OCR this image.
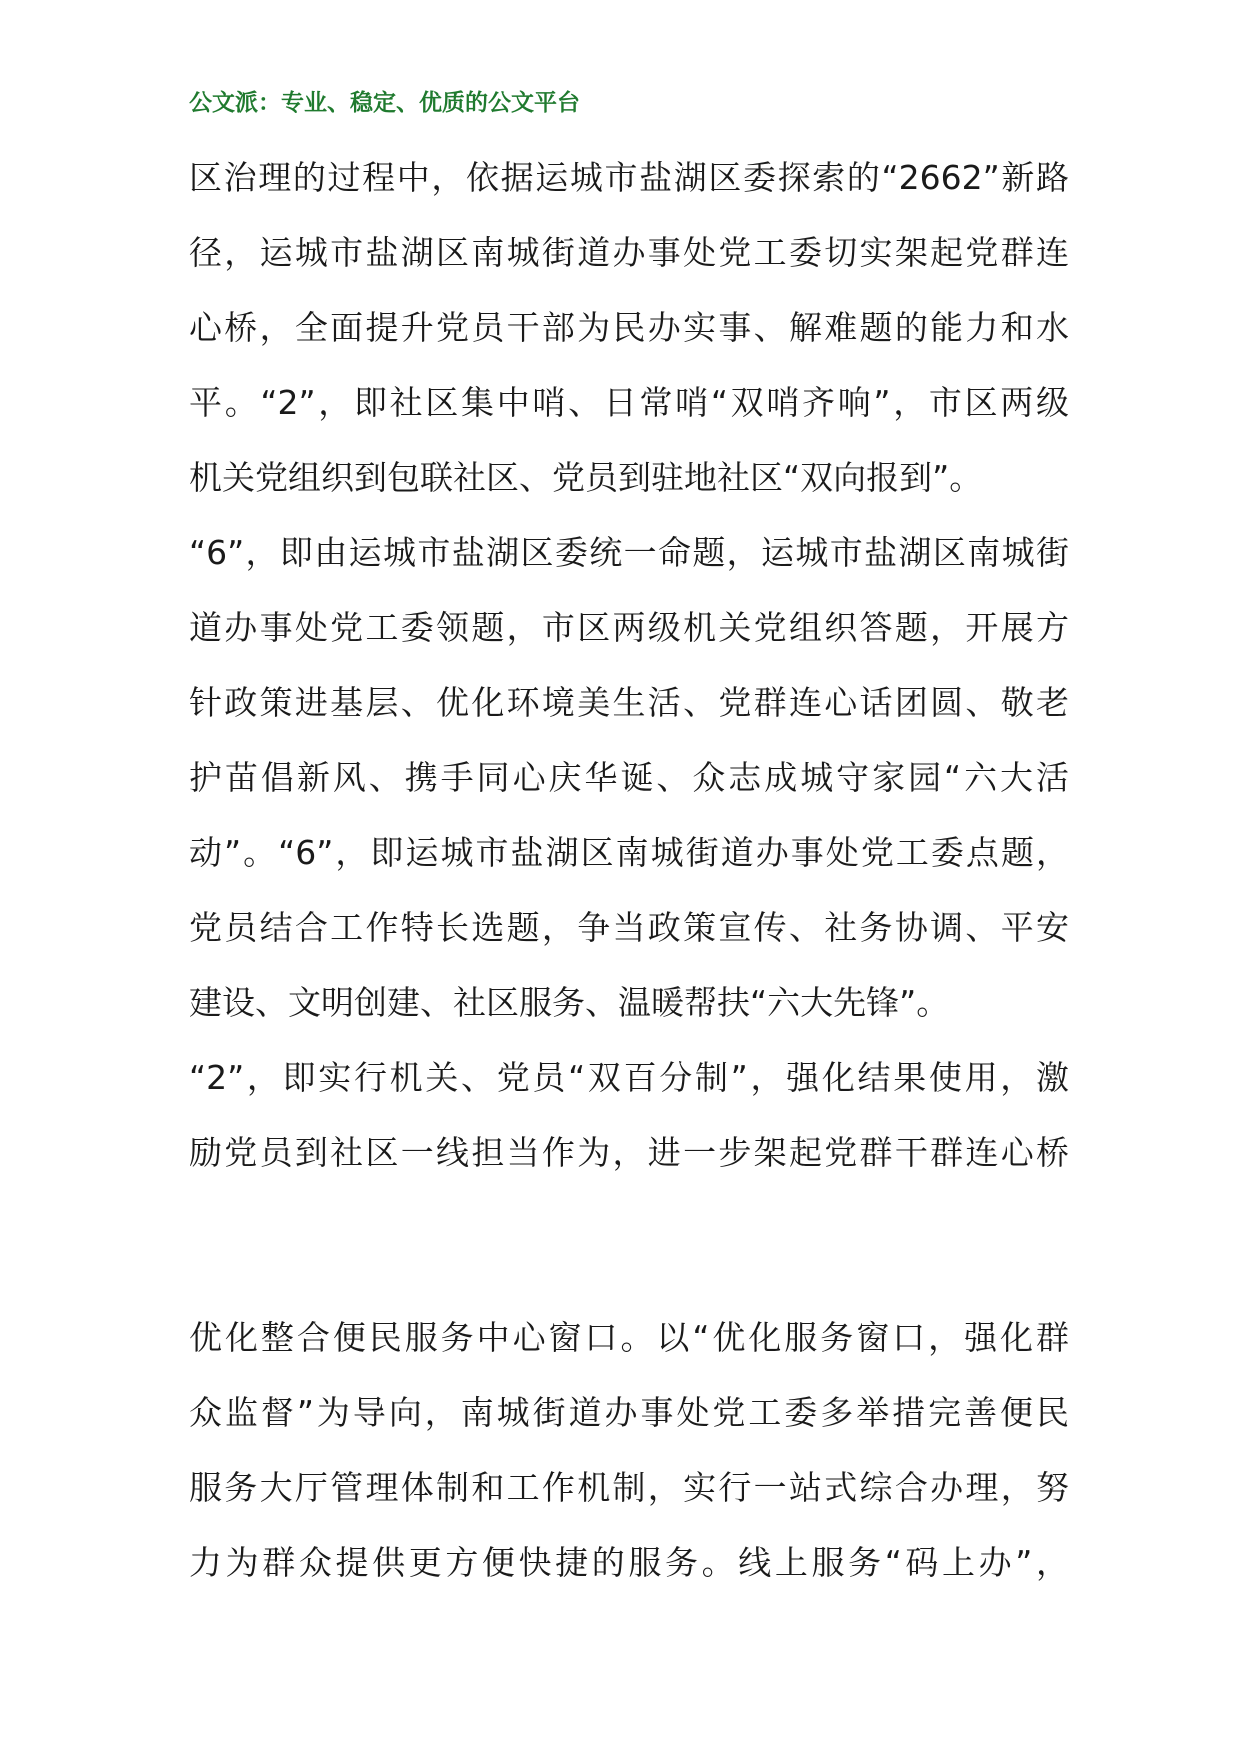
公文派：专业、稳定、优质的公文平台
区治理的过程中，依据运城市盐湖区委探索的“2662”新路
径，运城市盐湖区南城街道办事处党工委切实架起党群连
心桥，全面提升党员干部为民办实事、解难题的能力和水
平。“2”，即社区集中哨、日常哨“双哨齐响”，市区两级
机关党组织到包联社区、党员到驻地社区“双向报到”。
“6”，即由运城市盐湖区委统一命题，运城市盐湖区南城街
道办事处党工委领题，市区两级机关党组织答题，开展方
针政策进基层、优化环境美生活、党群连心话团圆、敬老
护苗倡新风、携手同心庆华诞、众志成城守家园“六大活
动”。“6”，即运城市盐湖区南城街道办事处党工委点题，
党员结合工作特长选题，争当政策宣传、社务协调、平安
建设、文明创建、社区服务、温暖帮扶“六大先锋”。
“2”，即实行机关、党员“双百分制”，强化结果使用，激
励党员到社区一线担当作为，进一步架起党群干群连心桥
优化整合便民服务中心窗口。以“优化服务窗口，强化群
众监督”为导向，南城街道办事处党工委多举措完善便民
服务大厅管理体制和工作机制，实行一站式综合办理，努
力为群众提供更方便快捷的服务。线上服务“码上办”，
